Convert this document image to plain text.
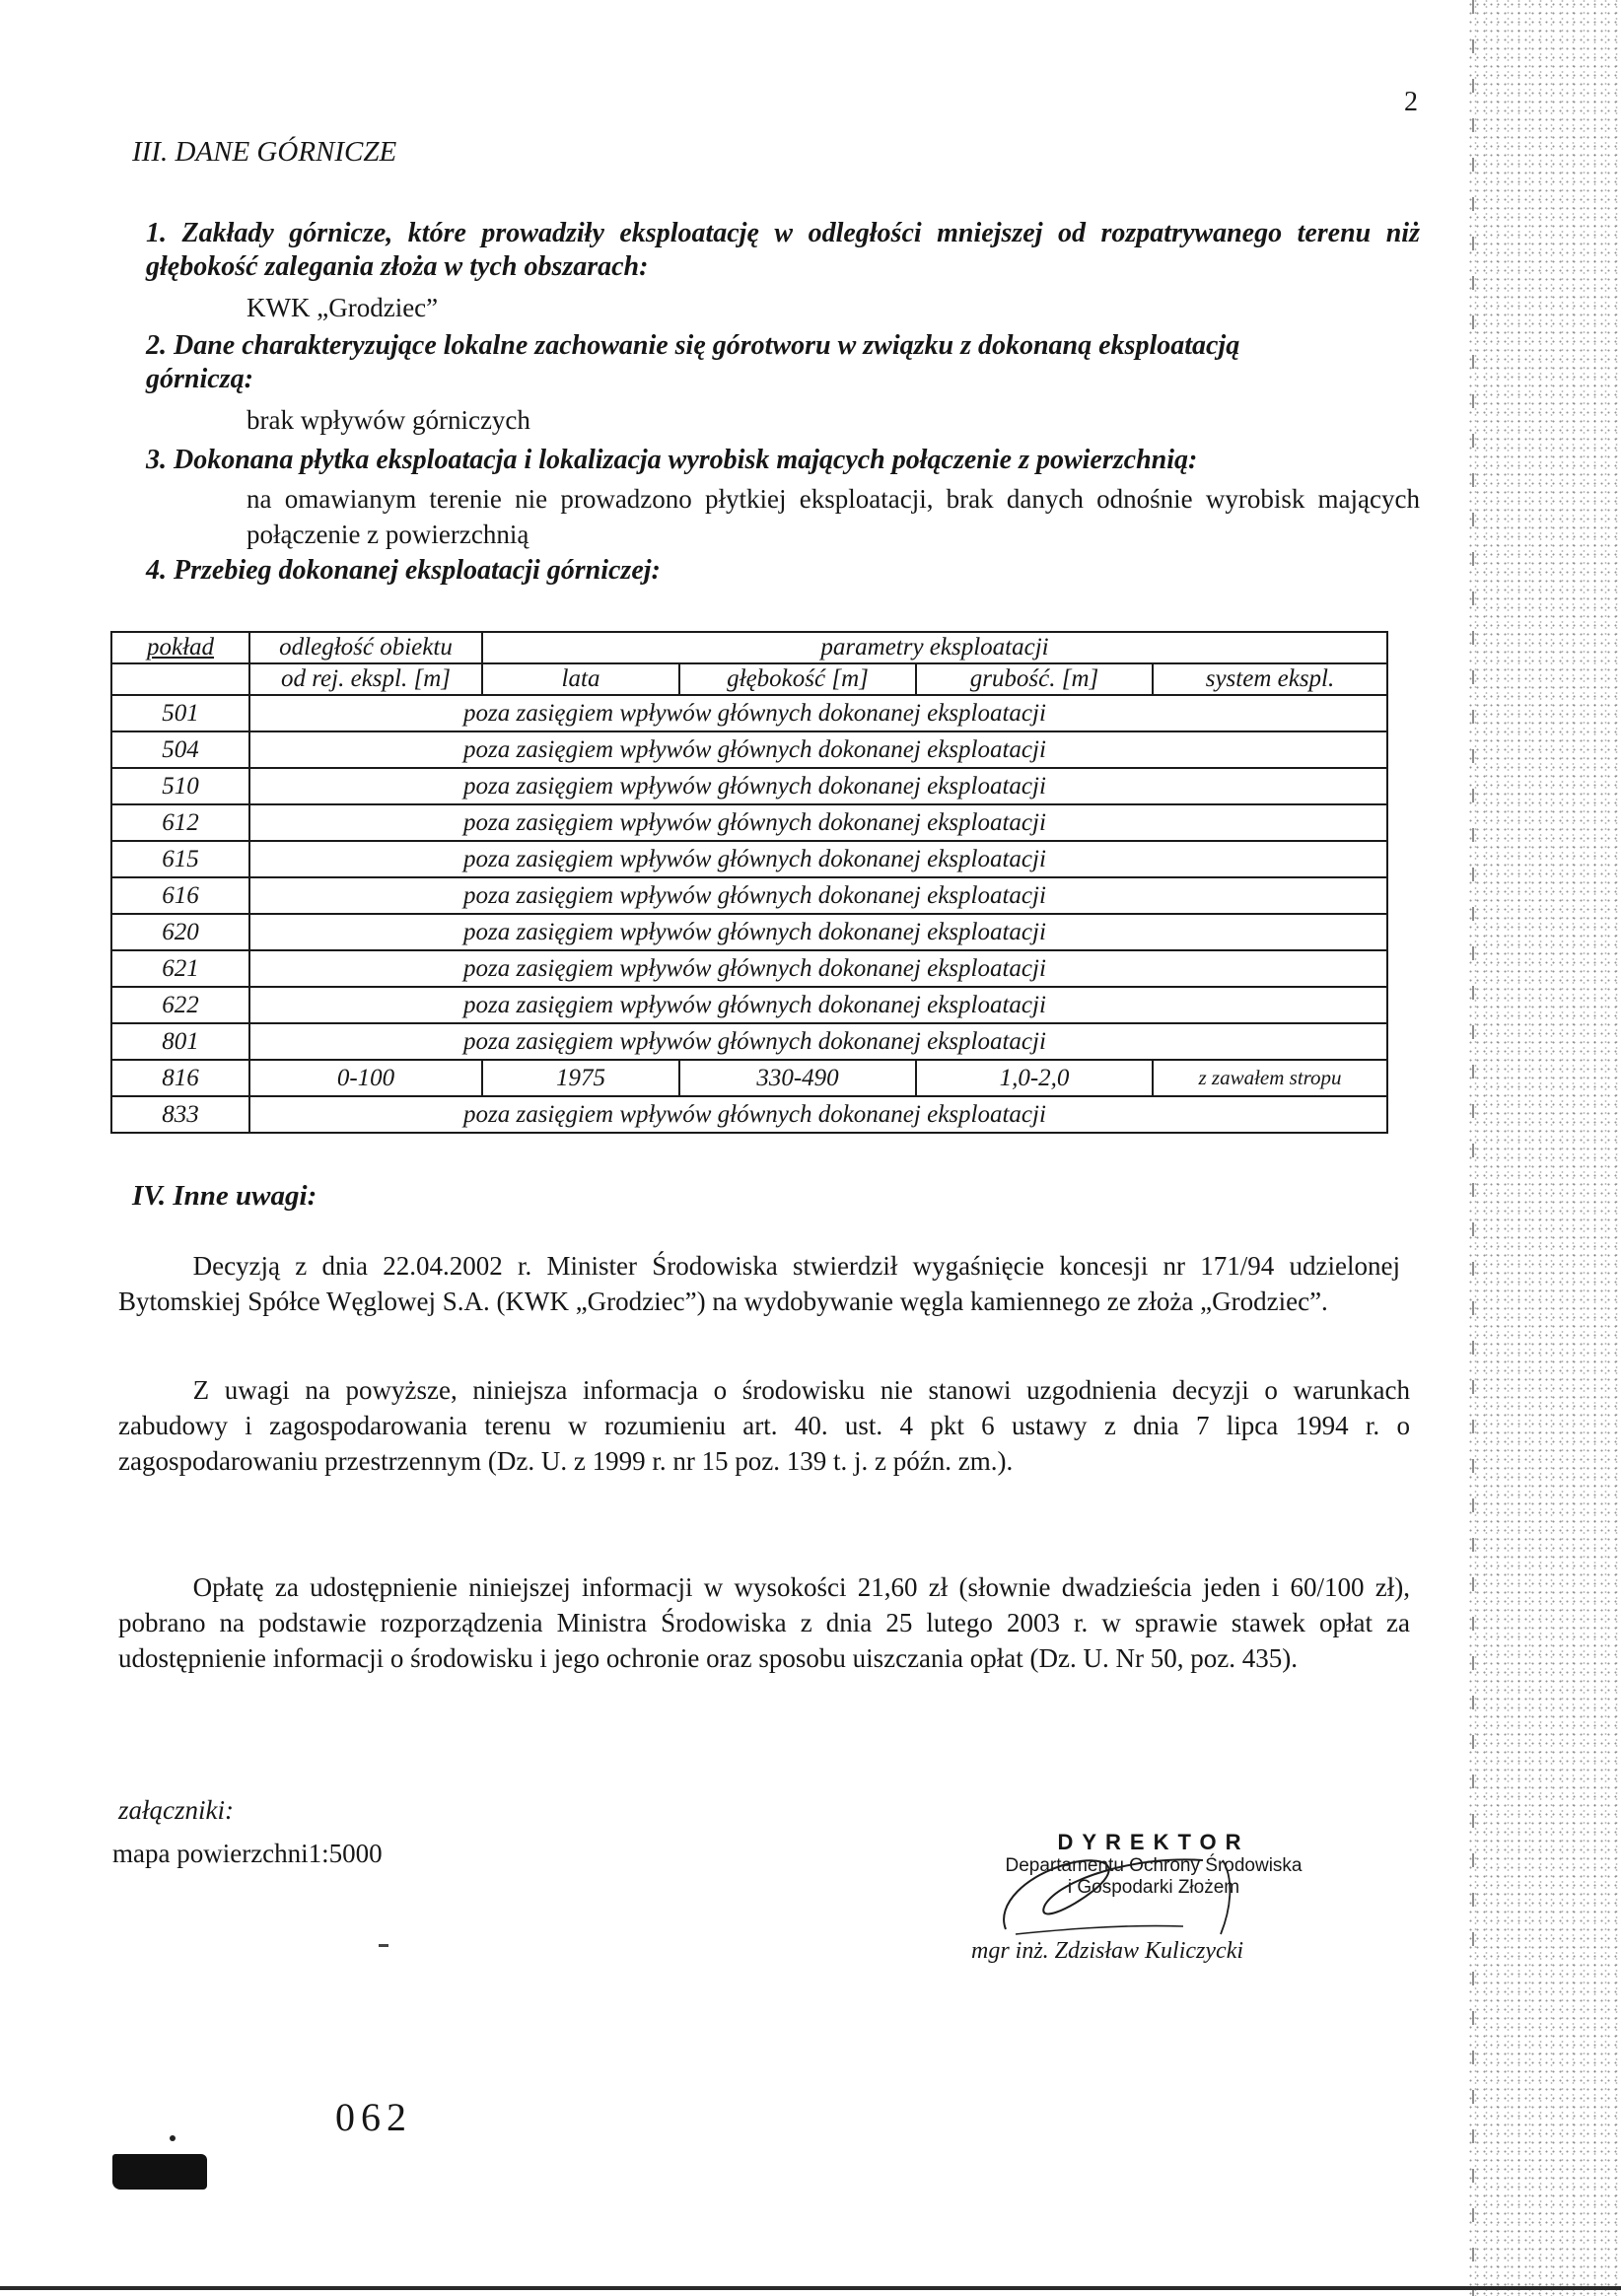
2
III. DANE GÓRNICZE
1. Zakłady górnicze, które prowadziły eksploatację w odległości mniejszej od rozpatrywanego terenu niż głębokość zalegania złoża w tych obszarach:
KWK „Grodziec”
2. Dane charakteryzujące lokalne zachowanie się górotworu w związku z dokonaną eksploatacją górniczą:
brak wpływów górniczych
3. Dokonana płytka eksploatacja i lokalizacja wyrobisk mających połączenie z powierzchnią:
na omawianym terenie nie prowadzono płytkiej eksploatacji, brak danych odnośnie wyrobisk mających połączenie z powierzchnią
4. Przebieg dokonanej eksploatacji górniczej:
pokład	odległość obiektu	parametry eksploatacji			
	od rej. ekspl. [m]	lata	głębokość [m]	grubość. [m]	system ekspl.
501	poza zasięgiem wpływów głównych dokonanej eksploatacji				
504	poza zasięgiem wpływów głównych dokonanej eksploatacji				
510	poza zasięgiem wpływów głównych dokonanej eksploatacji				
612	poza zasięgiem wpływów głównych dokonanej eksploatacji				
615	poza zasięgiem wpływów głównych dokonanej eksploatacji				
616	poza zasięgiem wpływów głównych dokonanej eksploatacji				
620	poza zasięgiem wpływów głównych dokonanej eksploatacji				
621	poza zasięgiem wpływów głównych dokonanej eksploatacji				
622	poza zasięgiem wpływów głównych dokonanej eksploatacji				
801	poza zasięgiem wpływów głównych dokonanej eksploatacji				
816	0-100	1975	330-490	1,0-2,0	z zawałem stropu
833	poza zasięgiem wpływów głównych dokonanej eksploatacji				
IV. Inne uwagi:
Decyzją z dnia 22.04.2002 r. Minister Środowiska stwierdził wygaśnięcie koncesji nr 171/94 udzielonej Bytomskiej Spółce Węglowej S.A. (KWK „Grodziec”) na wydobywanie węgla kamiennego ze złoża „Grodziec”.
Z uwagi na powyższe, niniejsza informacja o środowisku nie stanowi uzgodnienia decyzji o warunkach zabudowy i zagospodarowania terenu w rozumieniu art. 40. ust. 4 pkt 6 ustawy z dnia 7 lipca 1994 r. o zagospodarowaniu przestrzennym (Dz. U. z 1999 r. nr 15 poz. 139 t. j. z późn. zm.).
Opłatę za udostępnienie niniejszej informacji w wysokości 21,60 zł (słownie dwadzieścia jeden i 60/100 zł), pobrano na podstawie rozporządzenia Ministra Środowiska z dnia 25 lutego 2003 r. w sprawie stawek opłat za udostępnienie informacji o środowisku i jego ochronie oraz sposobu uiszczania opłat (Dz. U. Nr 50, poz. 435).
załączniki:
mapa powierzchni1:5000	DYREKTOR
Departamentu Ochrony Środowiska
i Gospodarki Złożem
mgr inż. Zdzisław Kuliczycki
062
